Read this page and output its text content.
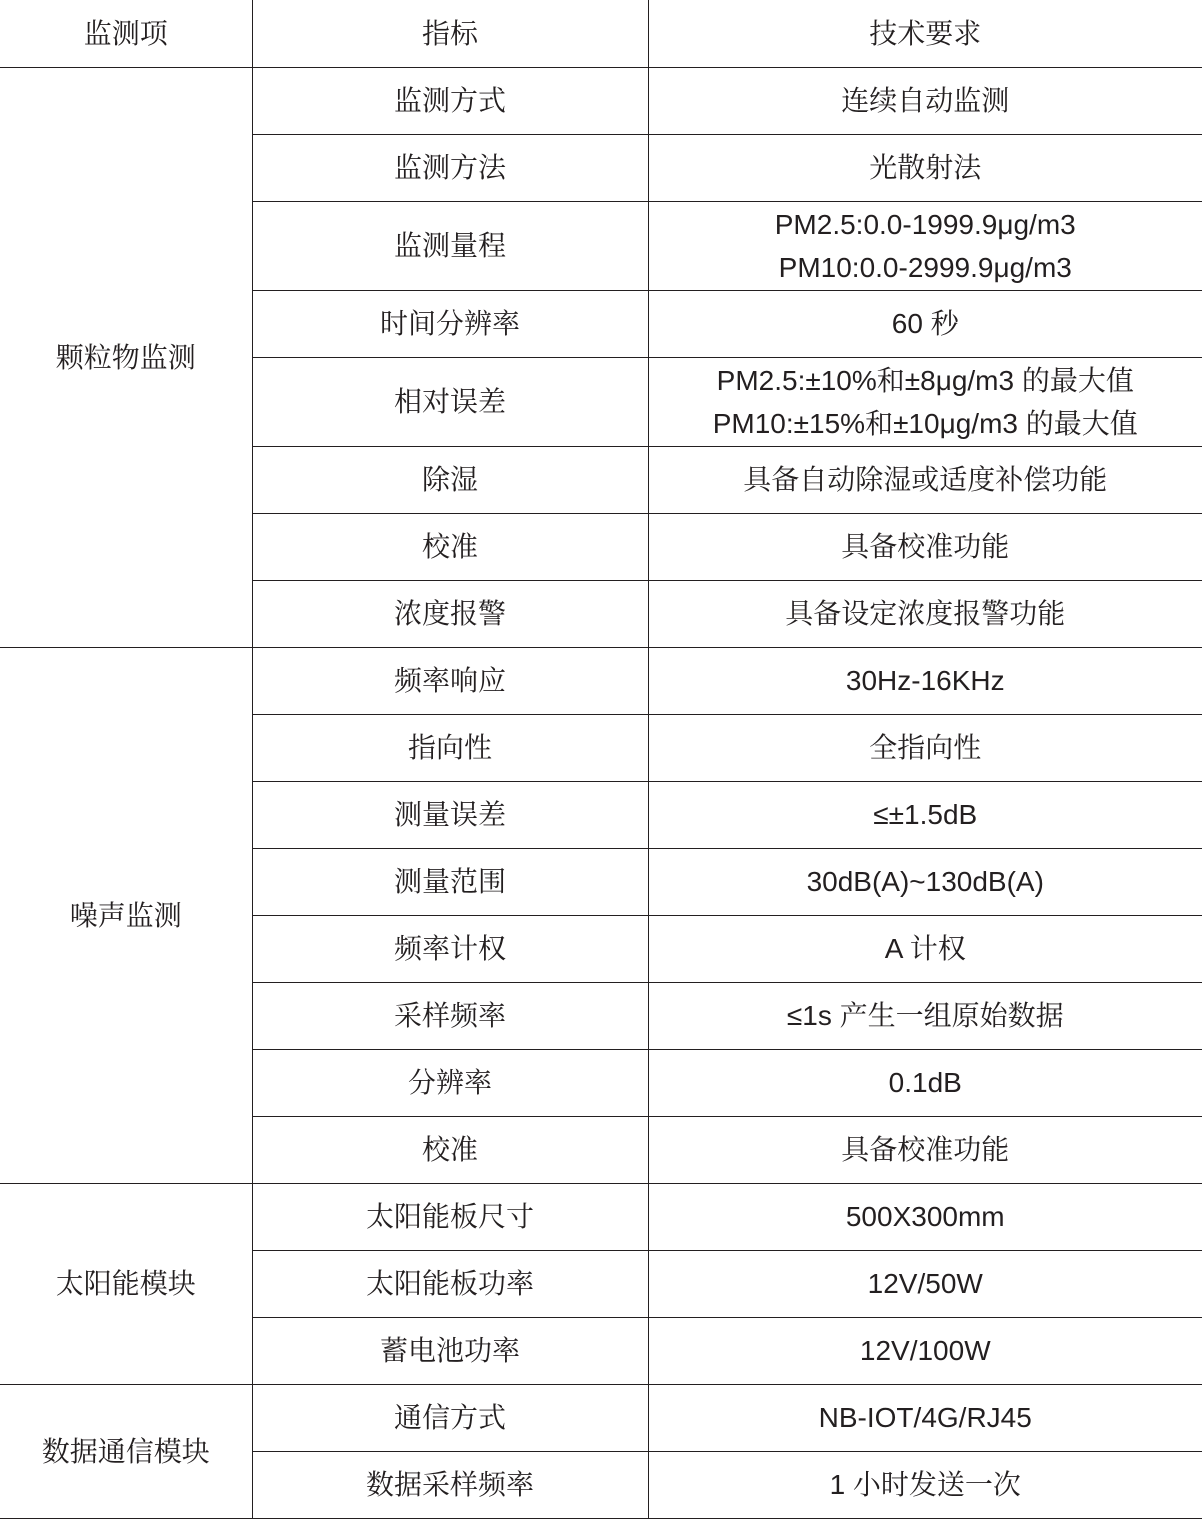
监测项	指标	技术要求
颗粒物监测	监测方式	连续自动监测

	监测方法	光散射法

	监测量程	PM2.5:0.0-1999.9μg/m3
PM10:0.0-2999.9μg/m3

	时间分辨率	60 秒

	相对误差	PM2.5:±10%和±8μg/m3 的最大值
PM10:±15%和±10μg/m3 的最大值

	除湿	具备自动除湿或适度补偿功能

	校准	具备校准功能

	浓度报警	具备设定浓度报警功能

噪声监测	频率响应	30Hz-16KHz

	指向性	全指向性

	测量误差	≤±1.5dB

	测量范围	30dB(A)~130dB(A)

	频率计权	A 计权

	采样频率	≤1s 产生一组原始数据

	分辨率	0.1dB

	校准	具备校准功能

太阳能模块	太阳能板尺寸	500X300mm

	太阳能板功率	12V/50W

	蓄电池功率	12V/100W

数据通信模块	通信方式	NB-IOT/4G/RJ45

	数据采样频率	1 小时发送一次
